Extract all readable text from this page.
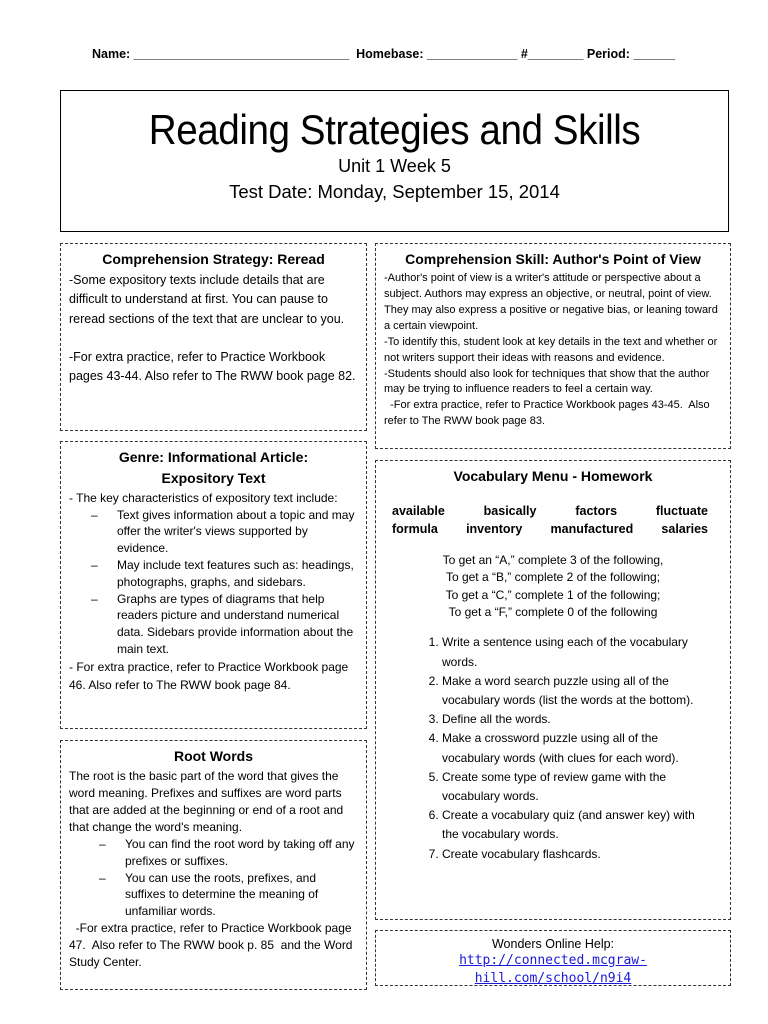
Name: _______________________________  Homebase: _____________ #________ Period: ______
Reading Strategies and Skills
Unit 1 Week 5
Test Date: Monday, September 15, 2014
Comprehension Strategy: Reread

-Some expository texts include details that are difficult to understand at first. You can pause to reread sections of the text that are unclear to you.

-For extra practice, refer to Practice Workbook pages 43-44. Also refer to The RWW book page 82.

Comprehension Skill: Author's Point of View

-Author's point of view is a writer's attitude or perspective about a subject. Authors may express an objective, or neutral, point of view. They may also express a positive or negative bias, or leaning toward a certain viewpoint.

-To identify this, student look at key details in the text and whether or not writers support their ideas with reasons and evidence.

-Students should also look for techniques that show that the author may be trying to influence readers to feel a certain way.

-For extra practice, refer to Practice Workbook pages 43-45.  Also refer to The RWW book page 83.

Genre: Informational Article:
Expository Text

- The key characteristics of expository text include:

– Text gives information about a topic and may offer the writer's views supported by evidence.
– May include text features such as: headings, photographs, graphs, and sidebars.
– Graphs are types of diagrams that help readers picture and understand numerical data. Sidebars provide information about the main text.

- For extra practice, refer to Practice Workbook page 46. Also refer to The RWW book page 84.

Root Words

The root is the basic part of the word that gives the word meaning. Prefixes and suffixes are word parts that are added at the beginning or end of a root and that change the word's meaning.

– You can find the root word by taking off any prefixes or suffixes.
– You can use the roots, prefixes, and suffixes to determine the meaning of unfamiliar words.

-For extra practice, refer to Practice Workbook page 47.  Also refer to The RWW book p. 85  and the Word Study Center.

Vocabulary Menu - Homework
available	basically	factors	fluctuate
formula inventory manufactured salaries
To get an “A,” complete 3 of the following,
To get a “B,” complete 2 of the following;
To get a “C,” complete 1 of the following;
To get a “F,” complete 0 of the following
1. Write a sentence using each of the vocabulary words.
2. Make a word search puzzle using all of the vocabulary words (list the words at the bottom).
3. Define all the words.
4. Make a crossword puzzle using all of the vocabulary words (with clues for each word).
5. Create some type of review game with the vocabulary words.
6. Create a vocabulary quiz (and answer key) with the vocabulary words.
7. Create vocabulary flashcards.
Wonders Online Help:
http://connected.mcgraw-hill.com/school/n9i4
